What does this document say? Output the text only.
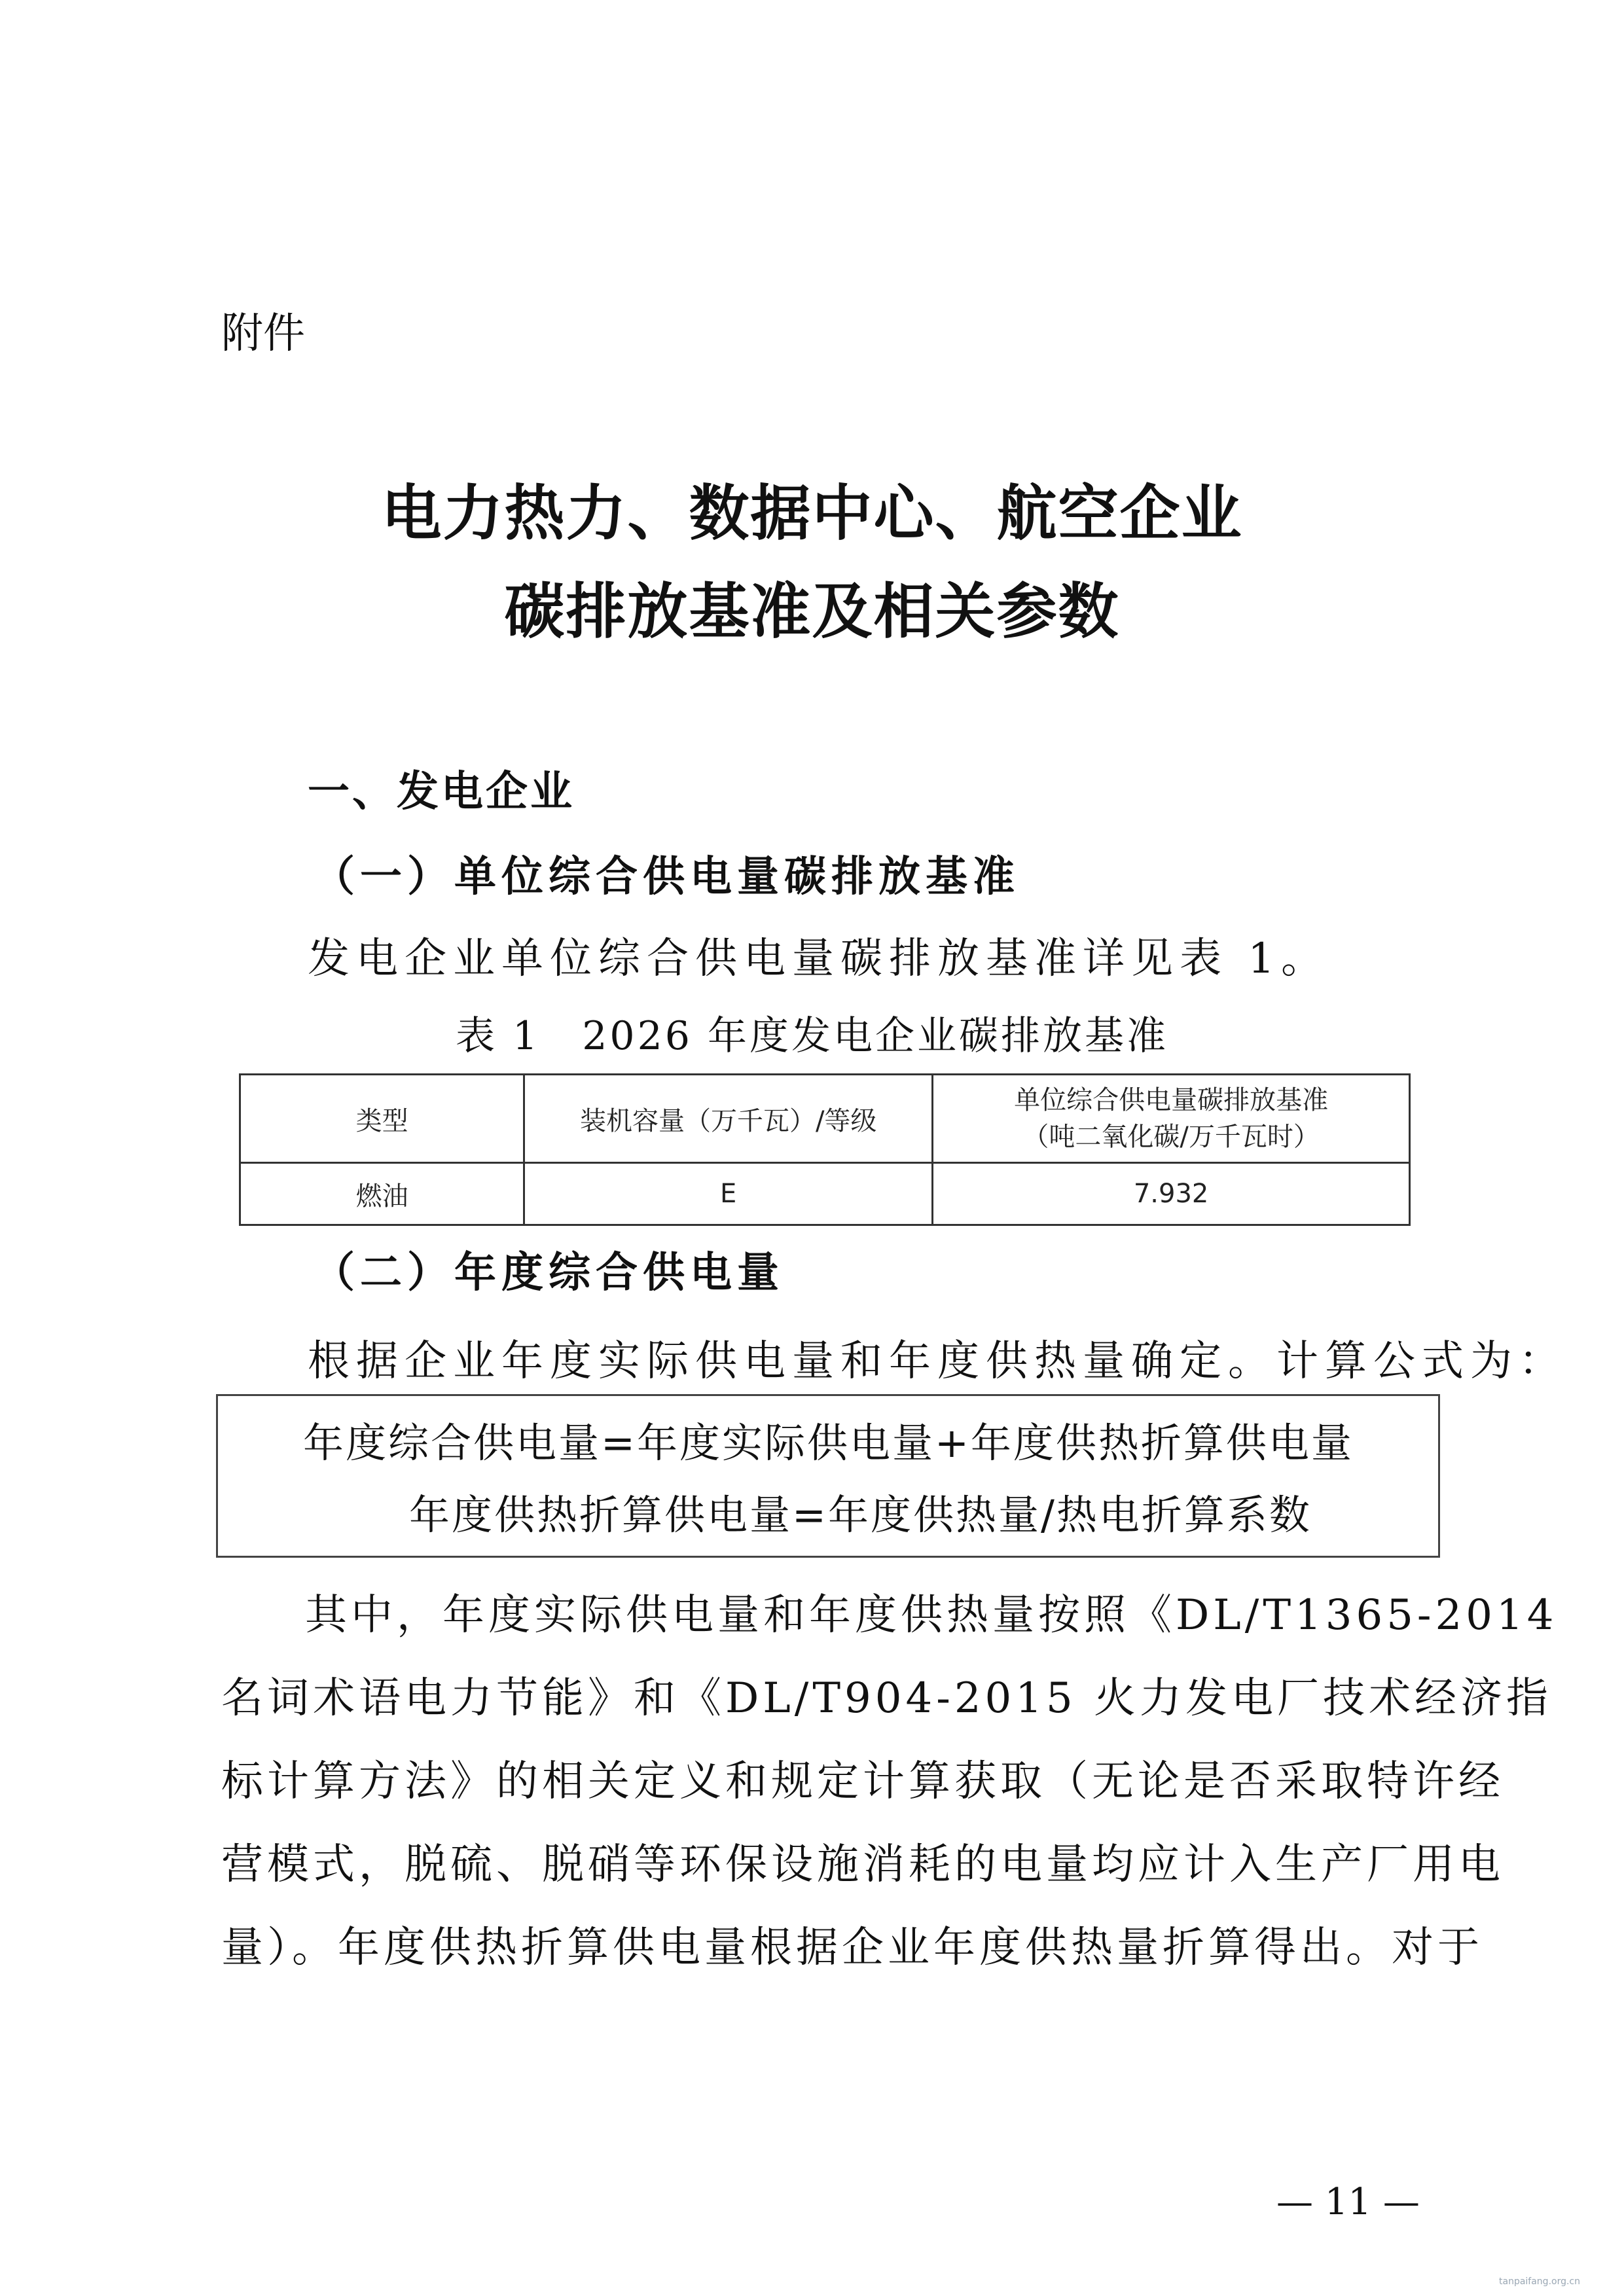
附件

电力热力、数据中心、航空企业
碳排放基准及相关参数
一、发电企业
（一）单位综合供电量碳排放基准

发电企业单位综合供电量碳排放基准详见表 1。

表 1　2026 年度发电企业碳排放基准

类型	装机容量（万千瓦）/等级	单位综合供电量碳排放基准
（吨二氧化碳/万千瓦时）
燃油	E	7.932
（二）年度综合供电量

根据企业年度实际供电量和年度供热量确定。计算公式为：

年度综合供电量=年度实际供电量+年度供热折算供电量

年度供热折算供电量=年度供热量/热电折算系数

其中，年度实际供电量和年度供热量按照《DL/T1365-2014
名词术语电力节能》和《DL/T904-2015 火力发电厂技术经济指
标计算方法》的相关定义和规定计算获取（无论是否采取特许经
营模式，脱硫、脱硝等环保设施消耗的电量均应计入生产厂用电
量）。年度供热折算供电量根据企业年度供热量折算得出。对于

— 11 —

tanpaifang.org.cn
